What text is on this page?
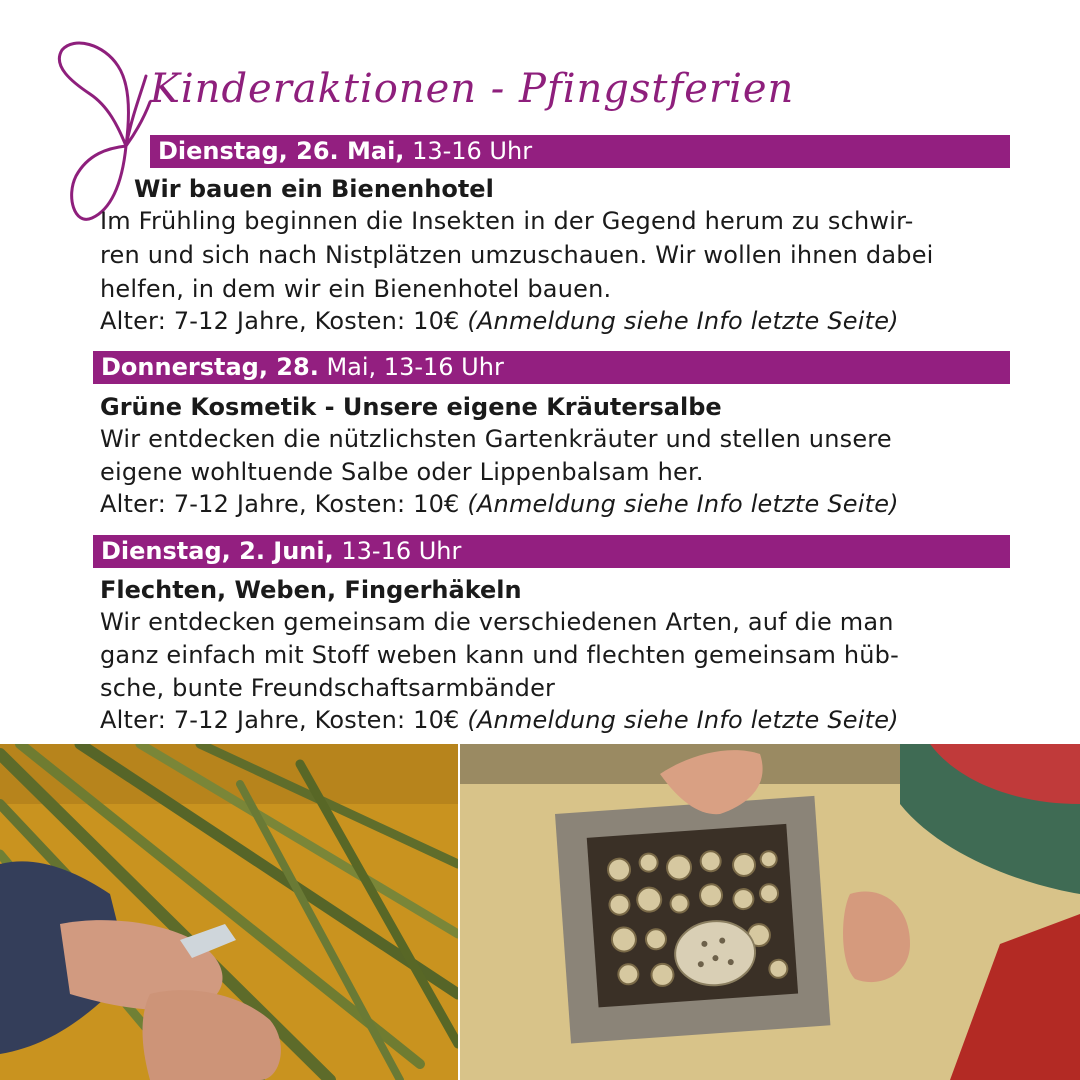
Kinderaktionen - Pfingstferien
Dienstag, 26. Mai, 13-16 Uhr
Wir bauen ein Bienenhotel
Im Frühling beginnen die Insekten in der Gegend herum zu schwir-
ren und sich nach Nistplätzen umzuschauen. Wir wollen ihnen dabei
helfen, in dem wir ein Bienenhotel bauen.
Alter: 7-12 Jahre, Kosten: 10€ (Anmeldung siehe Info letzte Seite)
Donnerstag, 28. Mai, 13-16 Uhr
Grüne Kosmetik - Unsere eigene Kräutersalbe
Wir entdecken die nützlichsten Gartenkräuter und stellen unsere
eigene wohltuende Salbe oder Lippenbalsam her.
Alter: 7-12 Jahre, Kosten: 10€ (Anmeldung siehe Info letzte Seite)
Dienstag, 2. Juni, 13-16 Uhr
Flechten, Weben, Fingerhäkeln
Wir entdecken gemeinsam die verschiedenen Arten, auf die man
ganz einfach mit Stoff weben kann und flechten gemeinsam hüb-
sche, bunte Freundschaftsarmbänder
Alter: 7-12 Jahre, Kosten: 10€ (Anmeldung siehe Info letzte Seite)
